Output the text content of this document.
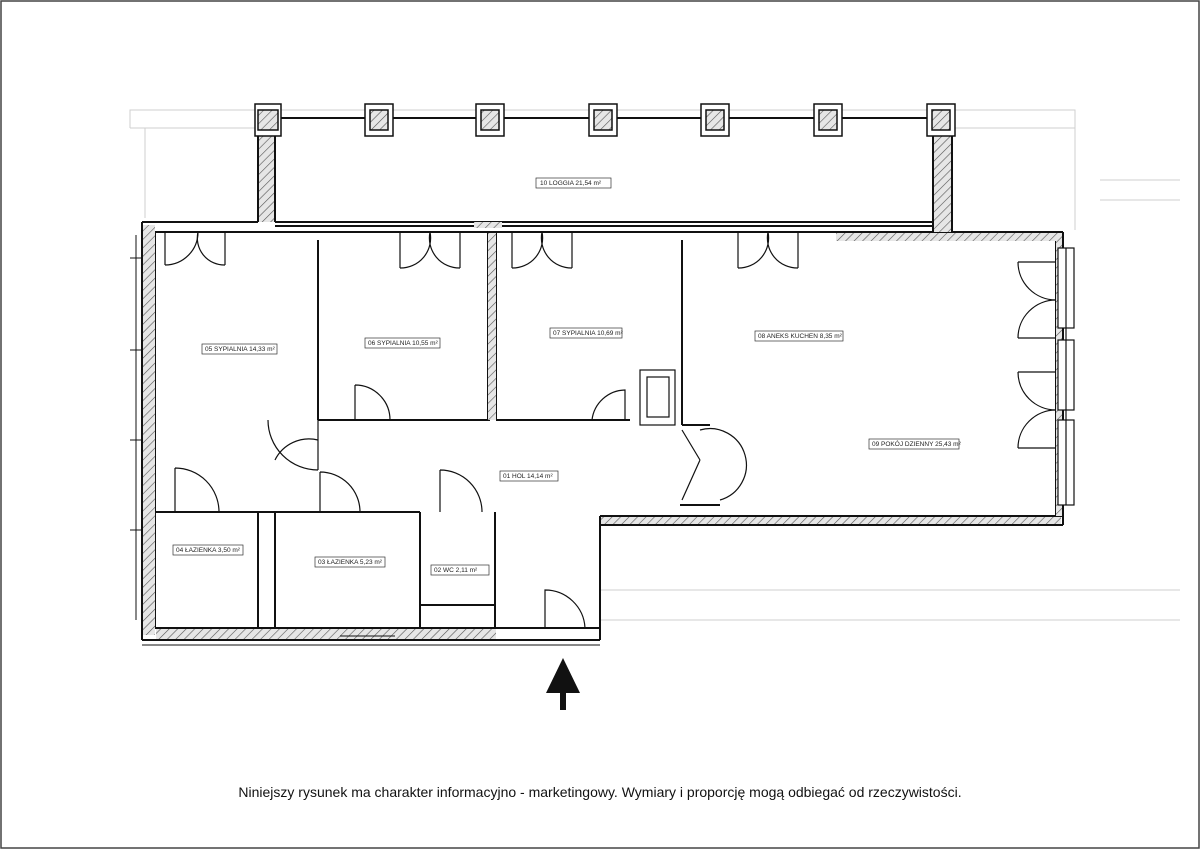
10 LOGGIA 21,54 m²
05 SYPIALNIA 14,33 m²
06 SYPIALNIA 10,55 m²
07 SYPIALNIA 10,69 m²	08 ANEKS KUCHEN 8,35 m²
09 POKÓJ DZIENNY 25,43 m²
01 HOL 14,14 m²
04 ŁAZIENKA 3,50 m²
03 ŁAZIENKA 5,23 m²
02 WC 2,11 m²
Niniejszy rysunek ma charakter informacyjno - marketingowy. Wymiary i proporcję mogą odbiegać od rzeczywistości.
